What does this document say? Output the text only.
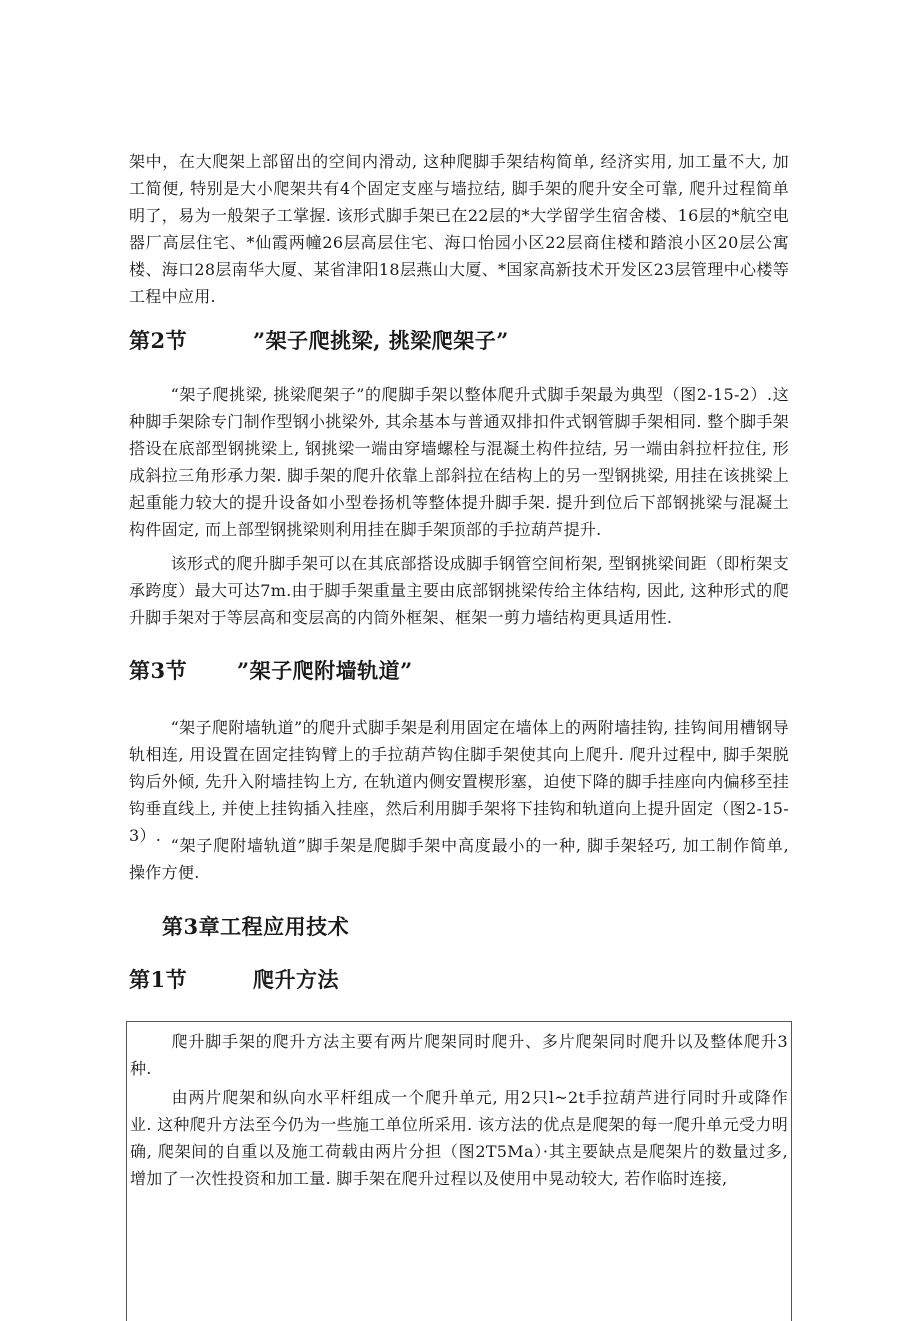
架中，在大爬架上部留出的空间内滑动, 这种爬脚手架结构简单, 经济实用, 加工量不大, 加工简便, 特别是大小爬架共有4个固定支座与墙拉结, 脚手架的爬升安全可靠, 爬升过程简单明了，易为一般架子工掌握. 该形式脚手架已在22层的*大学留学生宿舍楼、16层的*航空电器厂高层住宅、*仙霞两幢26层高层住宅、海口怡园小区22层商住楼和踏浪小区20层公寓楼、海口28层南华大厦、某省津阳18层燕山大厦、*国家高新技术开发区23层管理中心楼等工程中应用.

第2节	”架子爬挑梁, 挑梁爬架子”

“架子爬挑梁, 挑梁爬架子”的爬脚手架以整体爬升式脚手架最为典型（图2-15-2）.这种脚手架除专门制作型钢小挑梁外, 其余基本与普通双排扣件式钢管脚手架相同. 整个脚手架搭设在底部型钢挑梁上, 钢挑梁一端由穿墙螺栓与混凝土构件拉结, 另一端由斜拉杆拉住, 形成斜拉三角形承力架. 脚手架的爬升依靠上部斜拉在结构上的另一型钢挑梁, 用挂在该挑梁上起重能力较大的提升设备如小型卷扬机等整体提升脚手架. 提升到位后下部钢挑梁与混凝土构件固定, 而上部型钢挑梁则利用挂在脚手架顶部的手拉葫芦提升.

该形式的爬升脚手架可以在其底部搭设成脚手钢管空间桁架, 型钢挑梁间距（即桁架支承跨度）最大可达7m.由于脚手架重量主要由底部钢挑梁传给主体结构, 因此, 这种形式的爬升脚手架对于等层高和变层高的内筒外框架、框架一剪力墙结构更具适用性.

第3节 ”架子爬附墙轨道”

“架子爬附墙轨道”的爬升式脚手架是利用固定在墙体上的两附墙挂钩, 挂钩间用槽钢导轨相连, 用设置在固定挂钩臂上的手拉葫芦钩住脚手架使其向上爬升. 爬升过程中, 脚手架脱钩后外倾, 先升入附墙挂钩上方, 在轨道内侧安置楔形塞，迫使下降的脚手挂座向内偏移至挂钩垂直线上, 并使上挂钩插入挂座，然后利用脚手架将下挂钩和轨道向上提升固定（图2-15-3）.

“架子爬附墙轨道”脚手架是爬脚手架中高度最小的一种, 脚手架轻巧, 加工制作简单, 操作方便.

第3章工程应用技术
第1节	爬升方法

爬升脚手架的爬升方法主要有两片爬架同时爬升、多片爬架同时爬升以及整体爬升3种.

由两片爬架和纵向水平杆组成一个爬升单元, 用2只l~2t手拉葫芦进行同时升或降作业. 这种爬升方法至今仍为一些施工单位所采用. 该方法的优点是爬架的每一爬升单元受力明确, 爬架间的自重以及施工荷载由两片分担（图2T5Ma）·其主要缺点是爬架片的数量过多, 增加了一次性投资和加工量. 脚手架在爬升过程以及使用中晃动较大, 若作临时连接,
